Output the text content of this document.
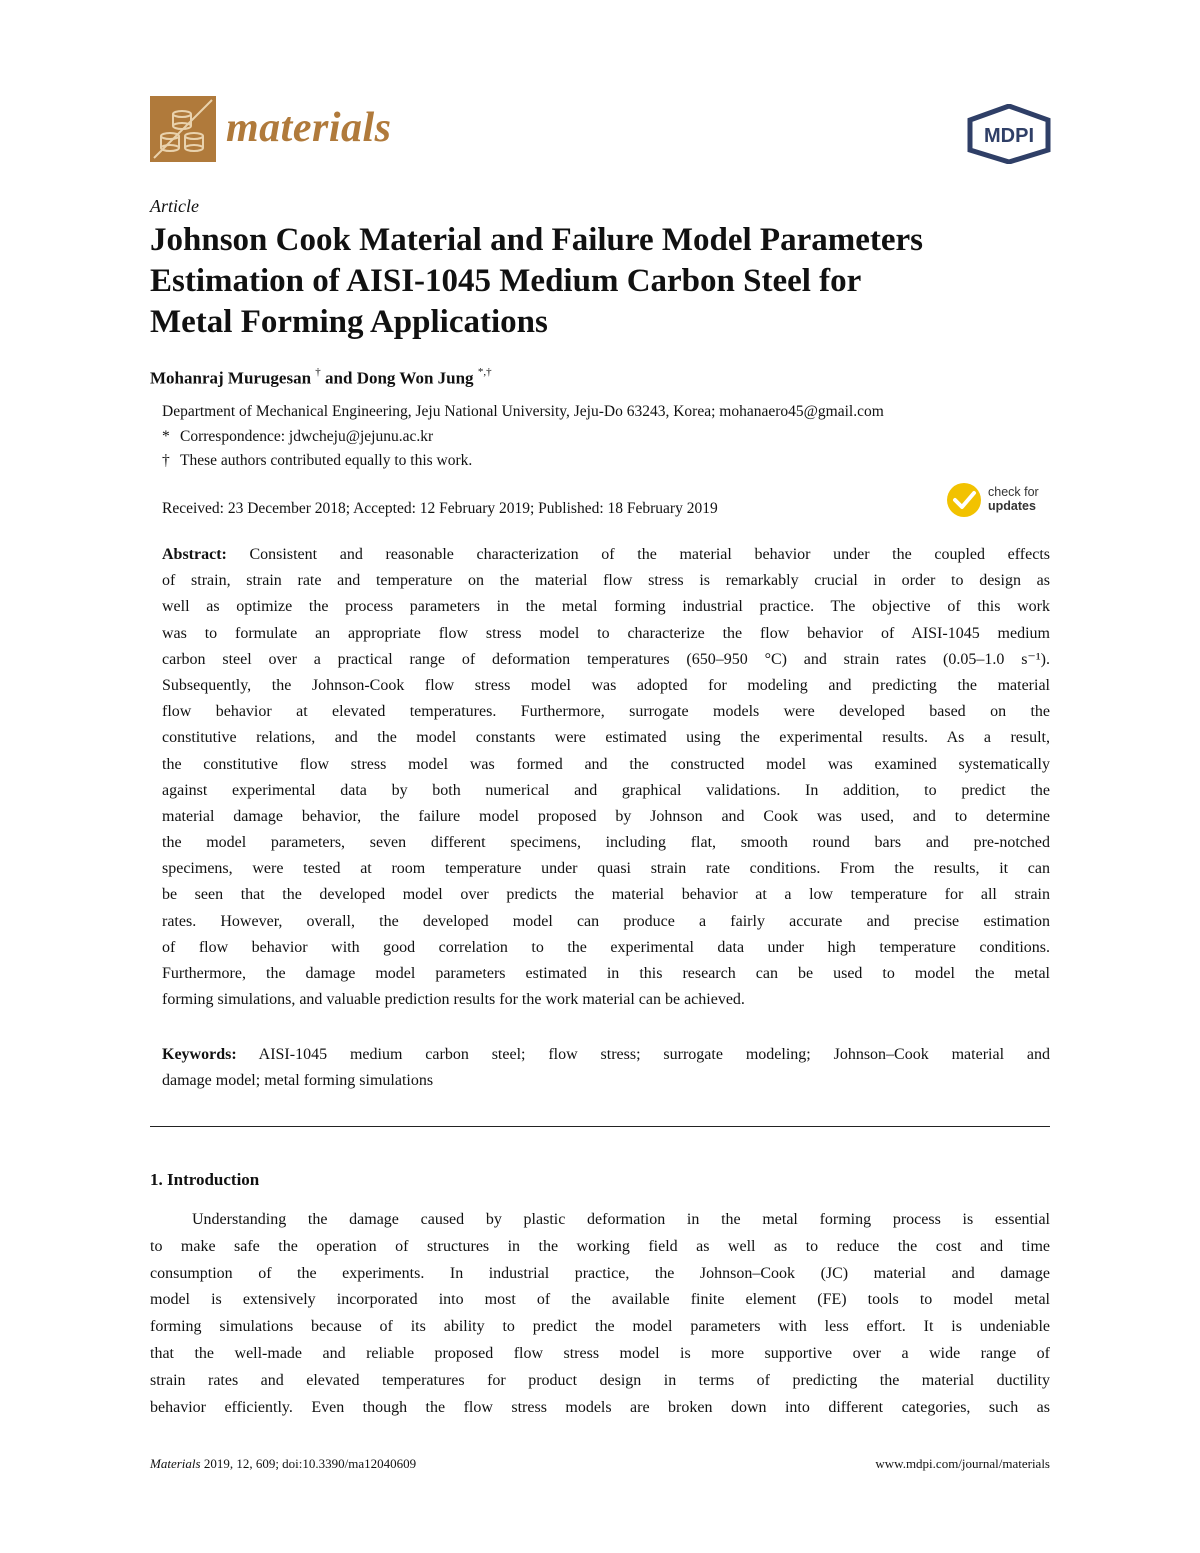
materials	MDPI
Article
Johnson Cook Material and Failure Model Parameters
Estimation of AISI-1045 Medium Carbon Steel for
Metal Forming Applications
Mohanraj Murugesan † and Dong Won Jung *,†
Department of Mechanical Engineering, Jeju National University, Jeju-Do 63243, Korea; mohanaero45@gmail.com
* Correspondence: jdwcheju@jejunu.ac.kr
† These authors contributed equally to this work.
Received: 23 December 2018; Accepted: 12 February 2019; Published: 18 February 2019
check for
updates
Abstract: Consistent and reasonable characterization of the material behavior under the coupled effects
of strain, strain rate and temperature on the material flow stress is remarkably crucial in order to design as
well as optimize the process parameters in the metal forming industrial practice. The objective of this work
was to formulate an appropriate flow stress model to characterize the flow behavior of AISI-1045 medium
carbon steel over a practical range of deformation temperatures (650–950 °C) and strain rates (0.05–1.0 s⁻¹).
Subsequently, the Johnson-Cook flow stress model was adopted for modeling and predicting the material
flow behavior at elevated temperatures. Furthermore, surrogate models were developed based on the
constitutive relations, and the model constants were estimated using the experimental results. As a result,
the constitutive flow stress model was formed and the constructed model was examined systematically
against experimental data by both numerical and graphical validations. In addition, to predict the
material damage behavior, the failure model proposed by Johnson and Cook was used, and to determine
the model parameters, seven different specimens, including flat, smooth round bars and pre-notched
specimens, were tested at room temperature under quasi strain rate conditions. From the results, it can
be seen that the developed model over predicts the material behavior at a low temperature for all strain
rates. However, overall, the developed model can produce a fairly accurate and precise estimation
of flow behavior with good correlation to the experimental data under high temperature conditions.
Furthermore, the damage model parameters estimated in this research can be used to model the metal
forming simulations, and valuable prediction results for the work material can be achieved.
Keywords: AISI-1045 medium carbon steel; flow stress; surrogate modeling; Johnson–Cook material and
damage model; metal forming simulations
1. Introduction
Understanding the damage caused by plastic deformation in the metal forming process is essential
to make safe the operation of structures in the working field as well as to reduce the cost and time
consumption of the experiments. In industrial practice, the Johnson–Cook (JC) material and damage
model is extensively incorporated into most of the available finite element (FE) tools to model metal
forming simulations because of its ability to predict the model parameters with less effort. It is undeniable
that the well-made and reliable proposed flow stress model is more supportive over a wide range of
strain rates and elevated temperatures for product design in terms of predicting the material ductility
behavior efficiently. Even though the flow stress models are broken down into different categories, such as
Materials 2019, 12, 609; doi:10.3390/ma12040609	www.mdpi.com/journal/materials
